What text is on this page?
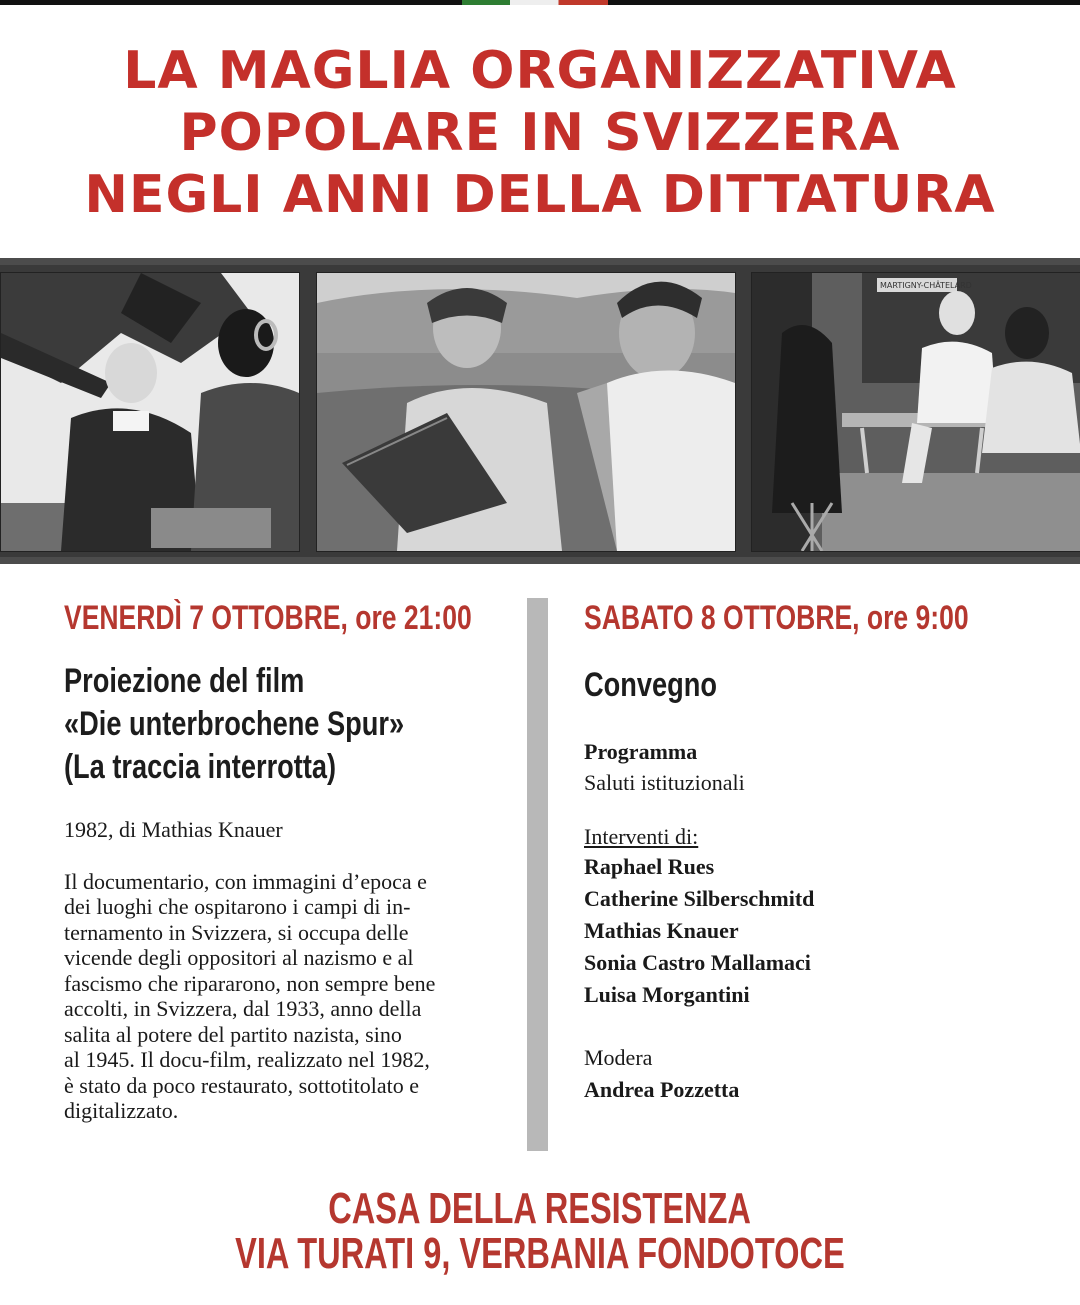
LA MAGLIA ORGANIZZATIVA
POPOLARE IN SVIZZERA
NEGLI ANNI DELLA DITTATURA
MARTIGNY-CHÂTELARD
VENERDÌ 7 OTTOBRE, ore 21:00
Proiezione del film
«Die unterbrochene Spur»
(La traccia interrotta)
1982, di Mathias Knauer
Il documentario, con immagini d’epoca e
dei luoghi che ospitarono i campi di in-
ternamento in Svizzera, si occupa delle
vicende degli oppositori al nazismo e al
fascismo che ripararono, non sempre bene
accolti, in Svizzera, dal 1933, anno della
salita al potere del partito nazista, sino
al 1945. Il docu-film, realizzato nel 1982,
è stato da poco restaurato, sottotitolato e
digitalizzato.
SABATO 8 OTTOBRE, ore 9:00
Convegno
Programma
Saluti istituzionali
Interventi di:
Raphael Rues
Catherine Silberschmitd
Mathias Knauer
Sonia Castro Mallamaci
Luisa Morgantini
Modera
Andrea Pozzetta
CASA DELLA RESISTENZA
VIA TURATI 9, VERBANIA FONDOTOCE
